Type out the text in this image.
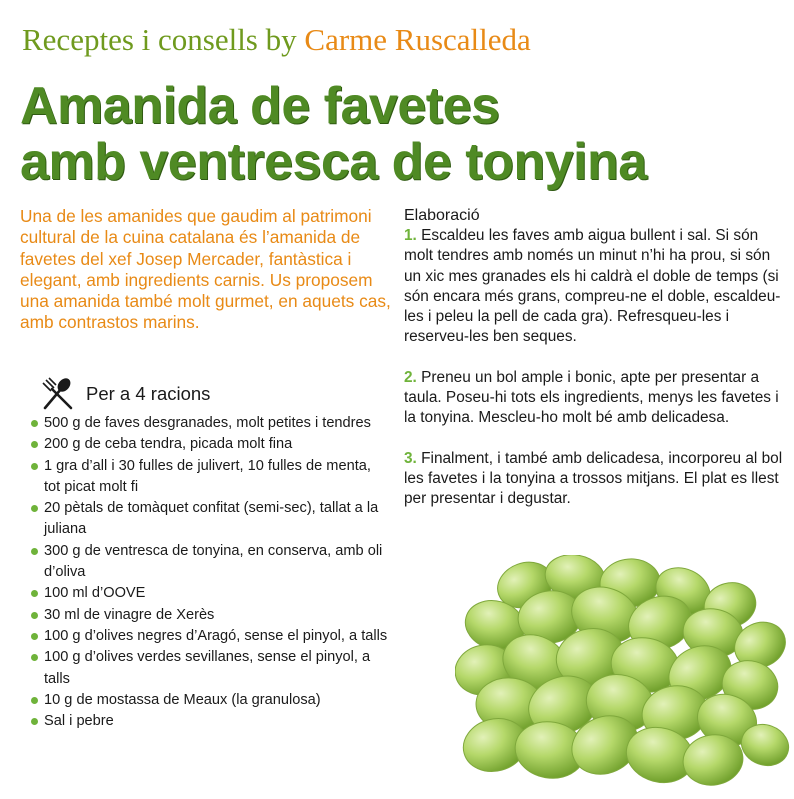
Receptes i consells by Carme Ruscalleda
Amanida de favetes
amb ventresca de tonyina

Una de les amanides que gaudim al patrimoni cultural de la cuina catalana és l’amanida de favetes del xef Josep Mercader, fantàstica i elegant, amb ingredients carnis. Us proposem una amanida també molt gurmet, en aquets cas, amb contrastos marins.

Per a 4 racions
500 g de faves desgranades, molt petites i tendres
200 g de ceba tendra, picada molt fina
1 gra d’all i 30 fulles de julivert, 10 fulles de menta, tot picat molt fi
20 pètals de tomàquet confitat (semi-sec), tallat a la juliana
300 g de ventresca de tonyina, en conserva, amb oli d’oliva
100 ml d’OOVE
30 ml de vinagre de Xerès
100 g d’olives negres d’Aragó, sense el pinyol, a talls
100 g d’olives verdes sevillanes, sense el pinyol, a talls
10 g de mostassa de Meaux (la granulosa)
Sal i pebre
Elaboració

1. Escaldeu les faves amb aigua bullent i sal. Si són molt tendres amb només un minut n’hi ha prou, si són un xic mes granades els hi caldrà el doble de temps (si són encara més grans, compreu-ne el doble, escaldeu-les i peleu la pell de cada gra). Refresqueu-les i reserveu-les ben seques.

2. Preneu un bol ample i bonic, apte per presentar a taula. Poseu-hi tots els ingredients, menys les favetes i la tonyina. Mescleu-ho molt bé amb delicadesa.

3. Finalment, i també amb delicadesa, incorporeu al bol les favetes i la tonyina a trossos mitjans. El plat es llest per presentar i degustar.
